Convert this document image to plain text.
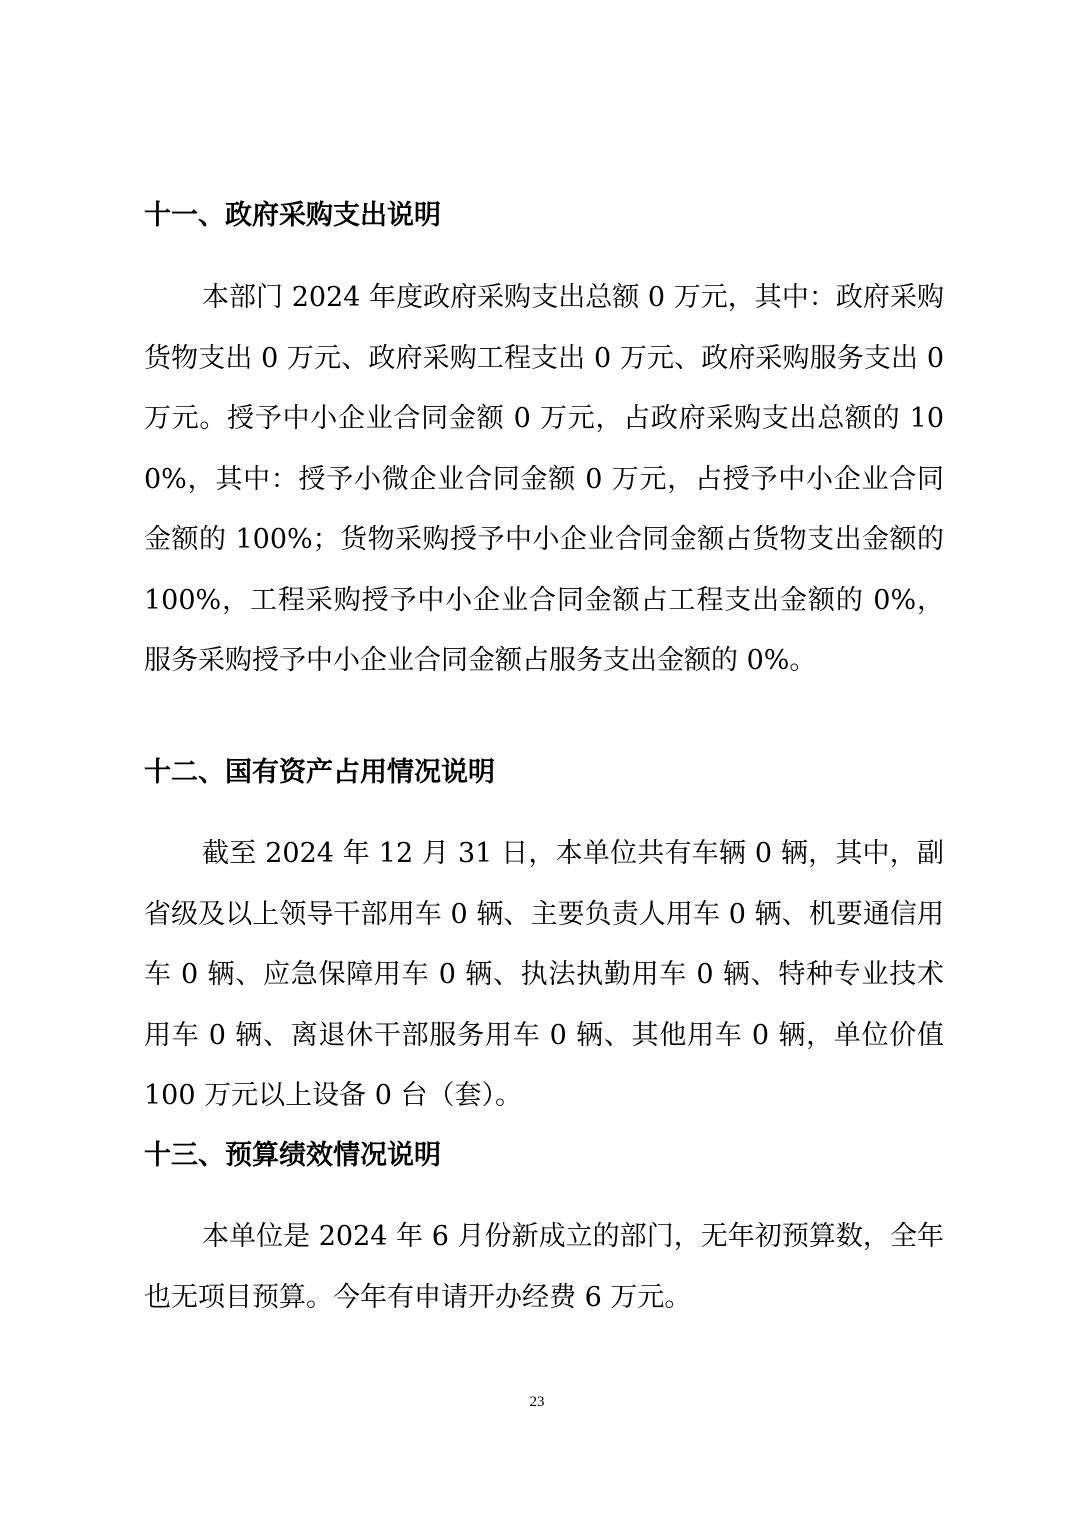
十一、政府采购支出说明

本部门 2024 年度政府采购支出总额 0 万元，其中：政府采购货物支出 0 万元、政府采购工程支出 0 万元、政府采购服务支出 0 万元。授予中小企业合同金额 0 万元，占政府采购支出总额的 100%，其中：授予小微企业合同金额 0 万元，占授予中小企业合同金额的 100%；货物采购授予中小企业合同金额占货物支出金额的 100%，工程采购授予中小企业合同金额占工程支出金额的 0%，服务采购授予中小企业合同金额占服务支出金额的 0%。

十二、国有资产占用情况说明

截至 2024 年 12 月 31 日，本单位共有车辆 0 辆，其中，副省级及以上领导干部用车 0 辆、主要负责人用车 0 辆、机要通信用车 0 辆、应急保障用车 0 辆、执法执勤用车 0 辆、特种专业技术用车 0 辆、离退休干部服务用车 0 辆、其他用车 0 辆，单位价值 100 万元以上设备 0 台（套）。

十三、预算绩效情况说明

本单位是 2024 年 6 月份新成立的部门，无年初预算数，全年也无项目预算。今年有申请开办经费 6 万元。

23
